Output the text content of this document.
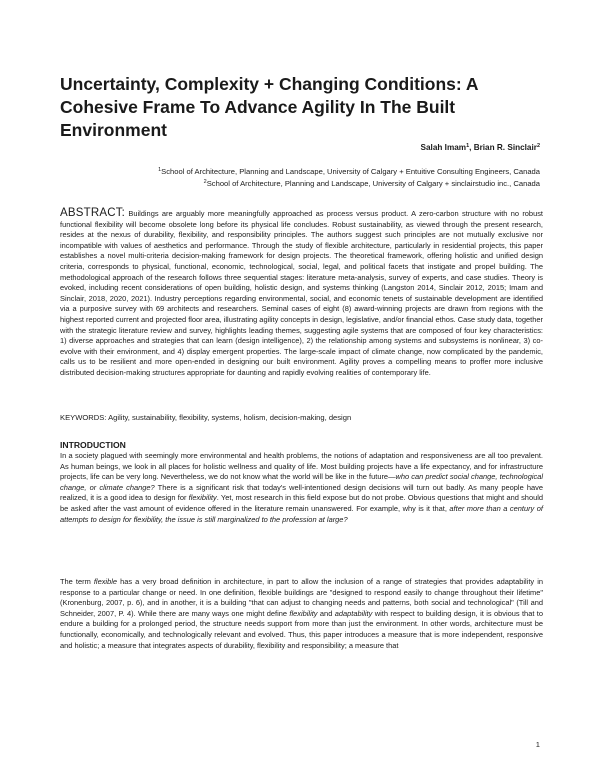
Uncertainty, Complexity + Changing Conditions: A Cohesive Frame To Advance Agility In The Built Environment
Salah Imam$^1$, Brian R. Sinclair$^2$
$^1$School of Architecture, Planning and Landscape, University of Calgary + Entuitive Consulting Engineers, Canada
$^2$School of Architecture, Planning and Landscape, University of Calgary + sinclairstudio inc., Canada
ABSTRACT: Buildings are arguably more meaningfully approached as process versus product. A zero-carbon structure with no robust functional flexibility will become obsolete long before its physical life concludes. Robust sustainability, as viewed through the present research, resides at the nexus of durability, flexibility, and responsibility principles. The authors suggest such principles are not mutually exclusive nor incompatible with values of aesthetics and performance. Through the study of flexible architecture, particularly in residential projects, this paper establishes a novel multi-criteria decision-making framework for design projects. The theoretical framework, offering holistic and unified design criteria, corresponds to physical, functional, economic, technological, social, legal, and political facets that instigate and propel building. The methodological approach of the research follows three sequential stages: literature meta-analysis, survey of experts, and case studies. Theory is evoked, including recent considerations of open building, holistic design, and systems thinking (Langston 2014, Sinclair 2012, 2015; Imam and Sinclair, 2018, 2020, 2021). Industry perceptions regarding environmental, social, and economic tenets of sustainable development are identified via a purposive survey with 69 architects and researchers. Seminal cases of eight (8) award-winning projects are drawn from regions with the highest reported current and projected floor area, illustrating agility concepts in design, legislative, and/or financial ethos. Case study data, together with the strategic literature review and survey, highlights leading themes, suggesting agile systems that are composed of four key characteristics: 1) diverse approaches and strategies that can learn (design intelligence), 2) the relationship among systems and subsystems is nonlinear, 3) co-evolve with their environment, and 4) display emergent properties. The large-scale impact of climate change, now complicated by the pandemic, calls us to be resilient and more open-ended in designing our built environment. Agility proves a compelling means to proffer more inclusive distributed decision-making structures appropriate for daunting and rapidly evolving realities of contemporary life.
KEYWORDS: Agility, sustainability, flexibility, systems, holism, decision-making, design
INTRODUCTION
In a society plagued with seemingly more environmental and health problems, the notions of adaptation and responsiveness are all too prevalent. As human beings, we look in all places for holistic wellness and quality of life. Most building projects have a life expectancy, and for infrastructure projects, life can be very long. Nevertheless, we do not know what the world will be like in the future—who can predict social change, technological change, or climate change? There is a significant risk that today's well-intentioned design decisions will turn out badly. As many people have realized, it is a good idea to design for flexibility. Yet, most research in this field expose but do not probe. Obvious questions that might and should be asked after the vast amount of evidence offered in the literature remain unanswered. For example, why is it that, after more than a century of attempts to design for flexibility, the issue is still marginalized to the profession at large?
The term flexible has a very broad definition in architecture, in part to allow the inclusion of a range of strategies that provides adaptability in response to a particular change or need. In one definition, flexible buildings are "designed to respond easily to change throughout their lifetime" (Kronenburg, 2007, p. 6), and in another, it is a building "that can adjust to changing needs and patterns, both social and technological" (Till and Schneider, 2007, P. 4). While there are many ways one might define flexibility and adaptability with respect to building design, it is obvious that to endure a building for a prolonged period, the structure needs support from more than just the environment. In other words, architecture must be functionally, economically, and technologically relevant and evolved. Thus, this paper introduces a measure that is more independent, responsive and holistic; a measure that integrates aspects of durability, flexibility and responsibility; a measure that
1
